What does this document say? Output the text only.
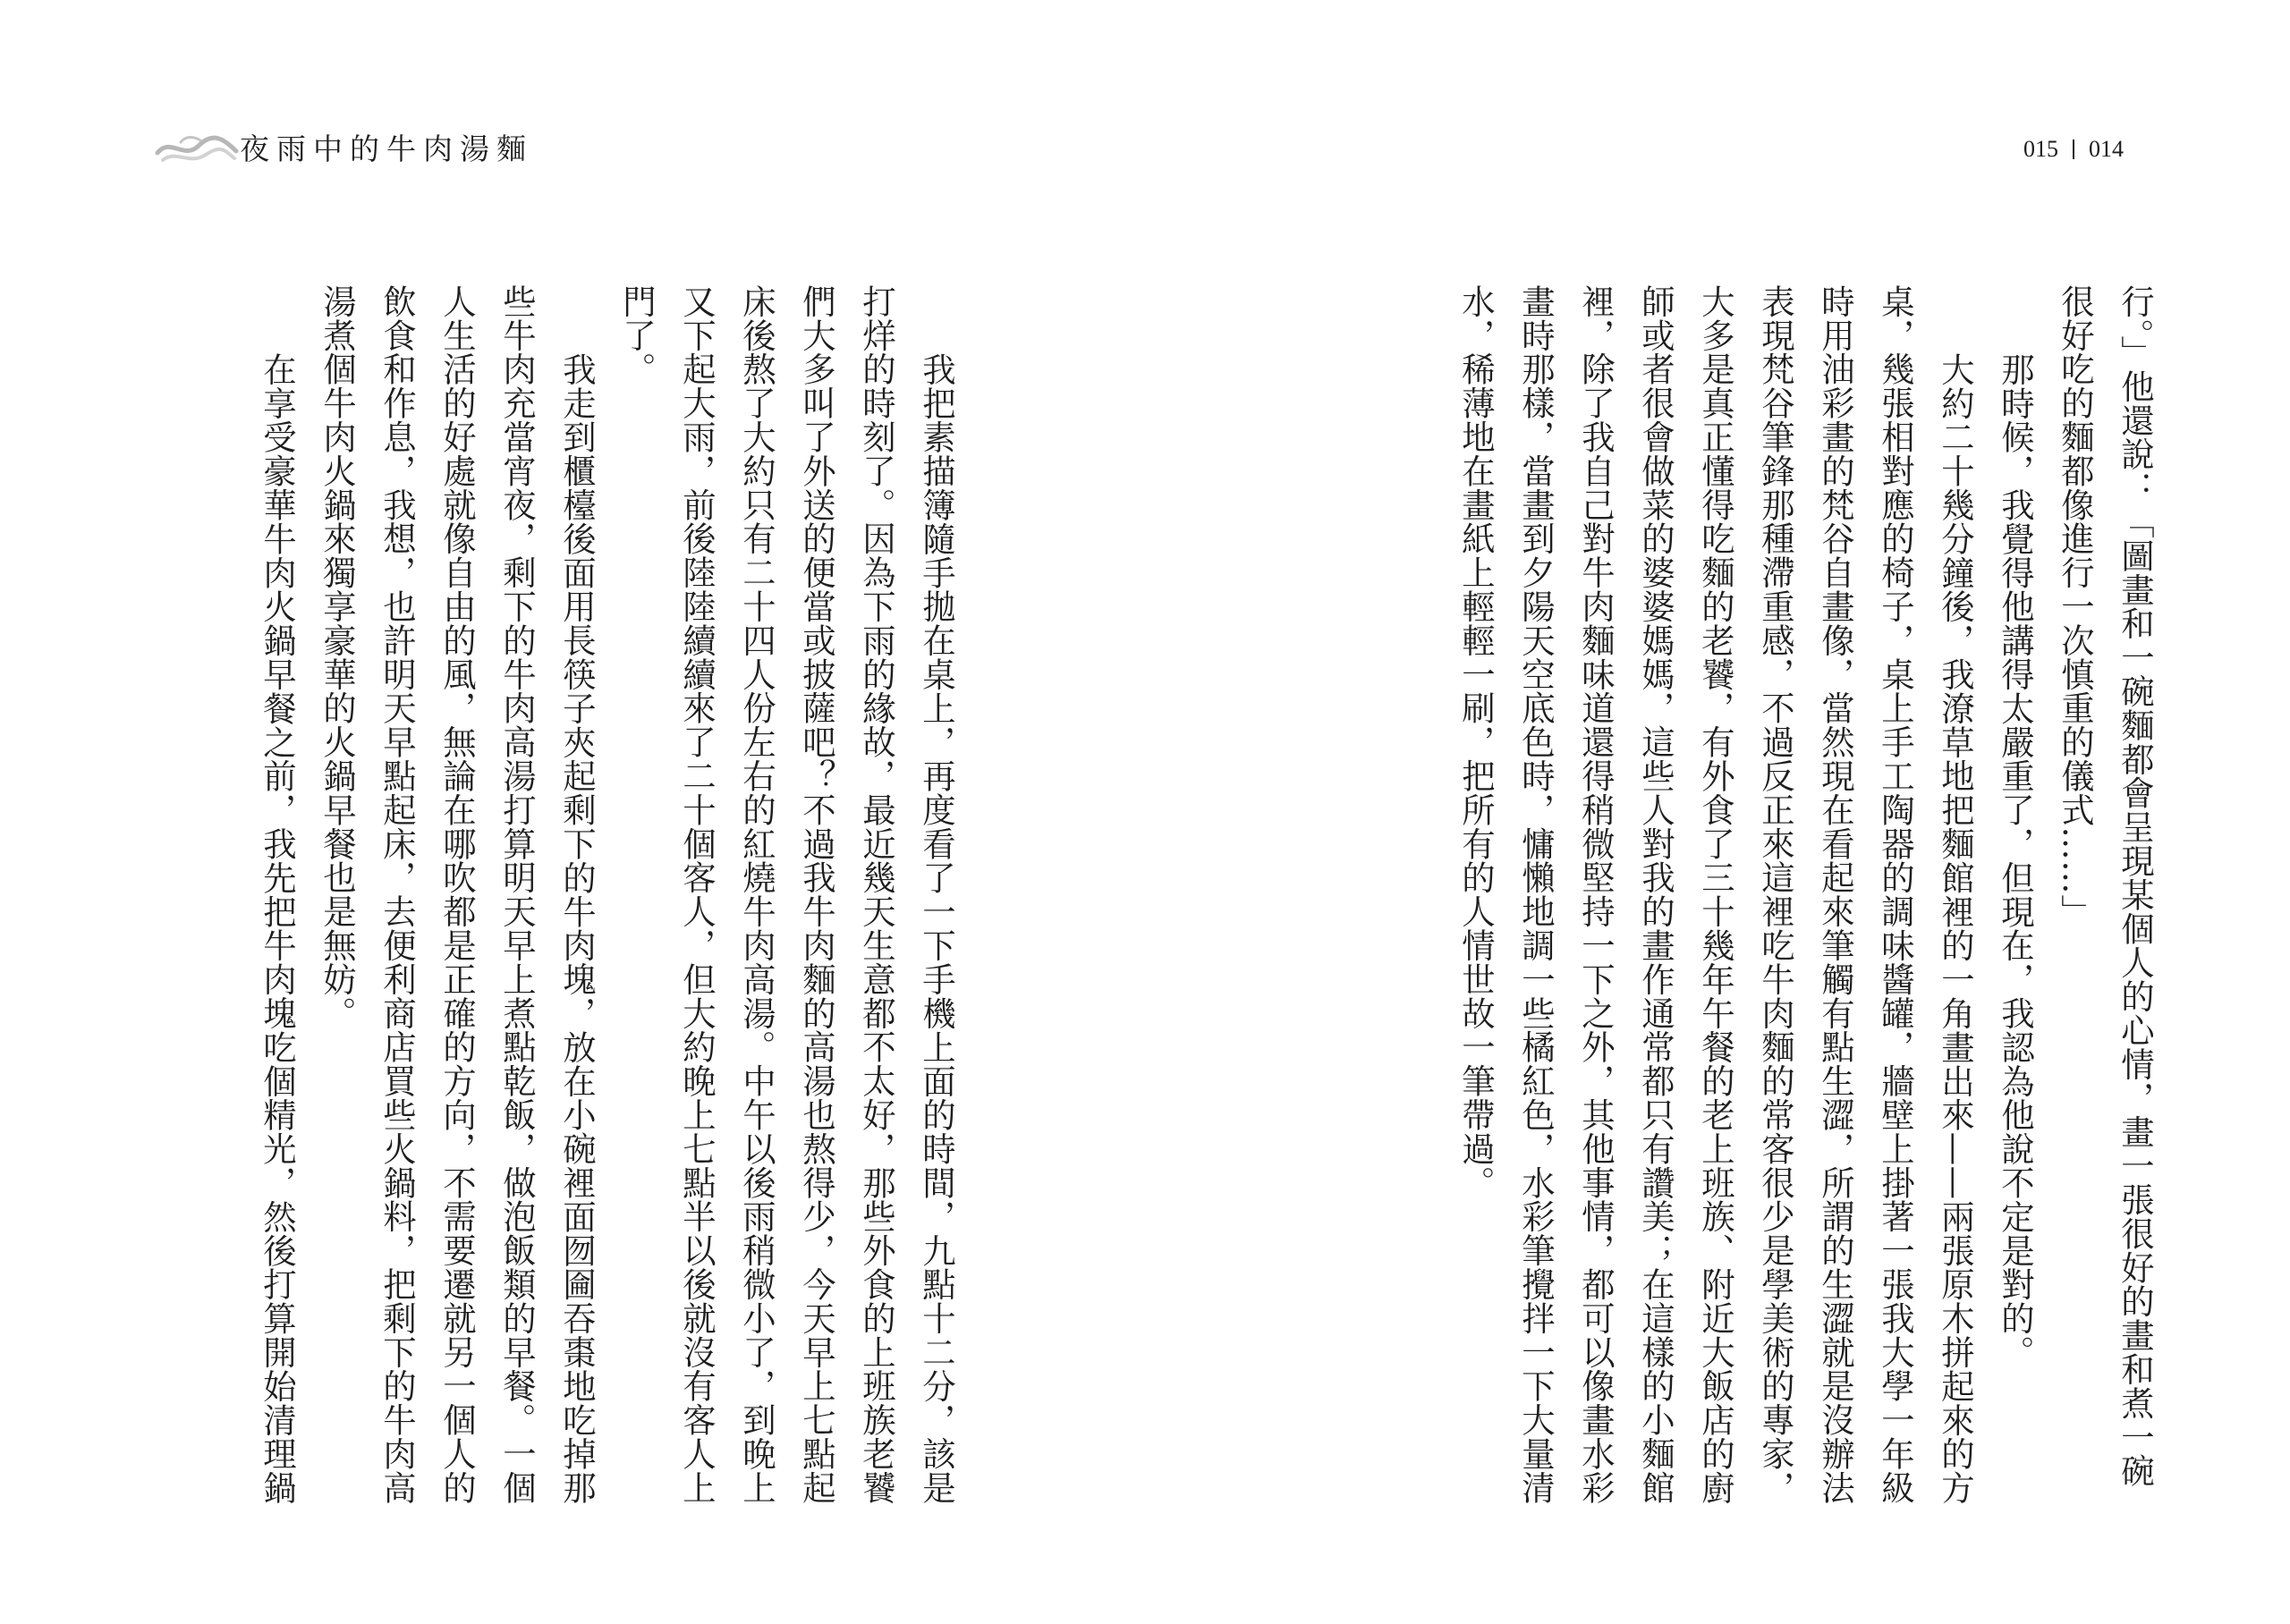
夜雨中的牛肉湯麵	015 014

行。」他還說：「圖畫和一碗麵都會呈現某個人的心情，畫一張很好的畫和煮一碗

很好吃的麵都像進行一次慎重的儀式……」

那時候，我覺得他講得太嚴重了，但現在，我認為他說不定是對的。

大約二十幾分鐘後，我潦草地把麵館裡的一角畫出來——兩張原木拼起來的方

桌，幾張相對應的椅子，桌上手工陶器的調味醬罐，牆壁上掛著一張我大學一年級

時用油彩畫的梵谷自畫像，當然現在看起來筆觸有點生澀，所謂的生澀就是沒辦法

表現梵谷筆鋒那種滯重感，不過反正來這裡吃牛肉麵的常客很少是學美術的專家，

大多是真正懂得吃麵的老饕，有外食了三十幾年午餐的老上班族、附近大飯店的廚

師或者很會做菜的婆婆媽媽，這些人對我的畫作通常都只有讚美；在這樣的小麵館

裡，除了我自己對牛肉麵味道還得稍微堅持一下之外，其他事情，都可以像畫水彩

畫時那樣，當畫到夕陽天空底色時，慵懶地調一些橘紅色，水彩筆攪拌一下大量清

水，稀薄地在畫紙上輕輕一刷，把所有的人情世故一筆帶過。

我把素描簿隨手拋在桌上，再度看了一下手機上面的時間，九點十二分，該是

打烊的時刻了。因為下雨的緣故，最近幾天生意都不太好，那些外食的上班族老饕

們大多叫了外送的便當或披薩吧？不過我牛肉麵的高湯也熬得少，今天早上七點起

床後熬了大約只有二十四人份左右的紅燒牛肉高湯。中午以後雨稍微小了，到晚上

又下起大雨，前後陸陸續續來了二十個客人，但大約晚上七點半以後就沒有客人上

門了。

我走到櫃檯後面用長筷子夾起剩下的牛肉塊，放在小碗裡面囫圇吞棗地吃掉那

些牛肉充當宵夜，剩下的牛肉高湯打算明天早上煮點乾飯，做泡飯類的早餐。一個

人生活的好處就像自由的風，無論在哪吹都是正確的方向，不需要遷就另一個人的

飲食和作息，我想，也許明天早點起床，去便利商店買些火鍋料，把剩下的牛肉高

湯煮個牛肉火鍋來獨享豪華的火鍋早餐也是無妨。

在享受豪華牛肉火鍋早餐之前，我先把牛肉塊吃個精光，然後打算開始清理鍋
